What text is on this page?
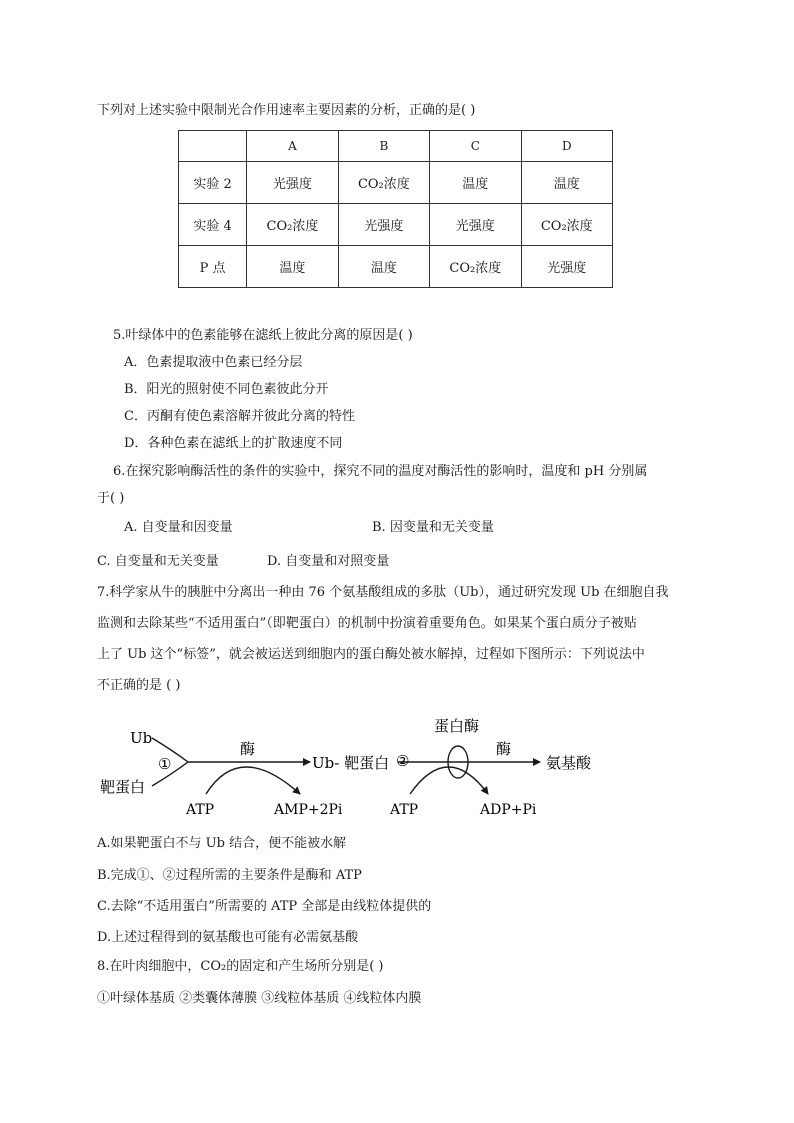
下列对上述实验中限制光合作用速率主要因素的分析，正确的是( )
	A	B	C	D
实验 2	光强度	CO₂浓度	温度	温度
实验 4	CO₂浓度	光强度	光强度	CO₂浓度
P 点	温度	温度	CO₂浓度	光强度
5.叶绿体中的色素能够在滤纸上彼此分离的原因是( )
A．色素提取液中色素已经分层
B．阳光的照射使不同色素彼此分开
C．丙酮有使色素溶解并彼此分离的特性
D．各种色素在滤纸上的扩散速度不同
6.在探究影响酶活性的条件的实验中，探究不同的温度对酶活性的影响时，温度和 pH 分别属
于( )
A. 自变量和因变量	B. 因变量和无关变量
C. 自变量和无关变量	D. 自变量和对照变量
7.科学家从牛的胰脏中分离出一种由 76 个氨基酸组成的多肽（Ub），通过研究发现 Ub 在细胞自我
监测和去除某些“不适用蛋白”（即靶蛋白）的机制中扮演着重要角色。如果某个蛋白质分子被贴
上了 Ub 这个“标签”，就会被运送到细胞内的蛋白酶处被水解掉，过程如下图所示：下列说法中
不正确的是 ( )
Ub
靶蛋白
①
酶
ATP	AMP+2Pi
Ub- 靶蛋白 ②
蛋白酶
酶
ATP	ADP+Pi
氨基酸
A.如果靶蛋白不与 Ub 结合，便不能被水解
B.完成①、②过程所需的主要条件是酶和 ATP
C.去除“不适用蛋白”所需要的 ATP 全部是由线粒体提供的
D.上述过程得到的氨基酸也可能有必需氨基酸
8.在叶肉细胞中，CO₂的固定和产生场所分别是( )
①叶绿体基质 ②类囊体薄膜 ③线粒体基质 ④线粒体内膜
